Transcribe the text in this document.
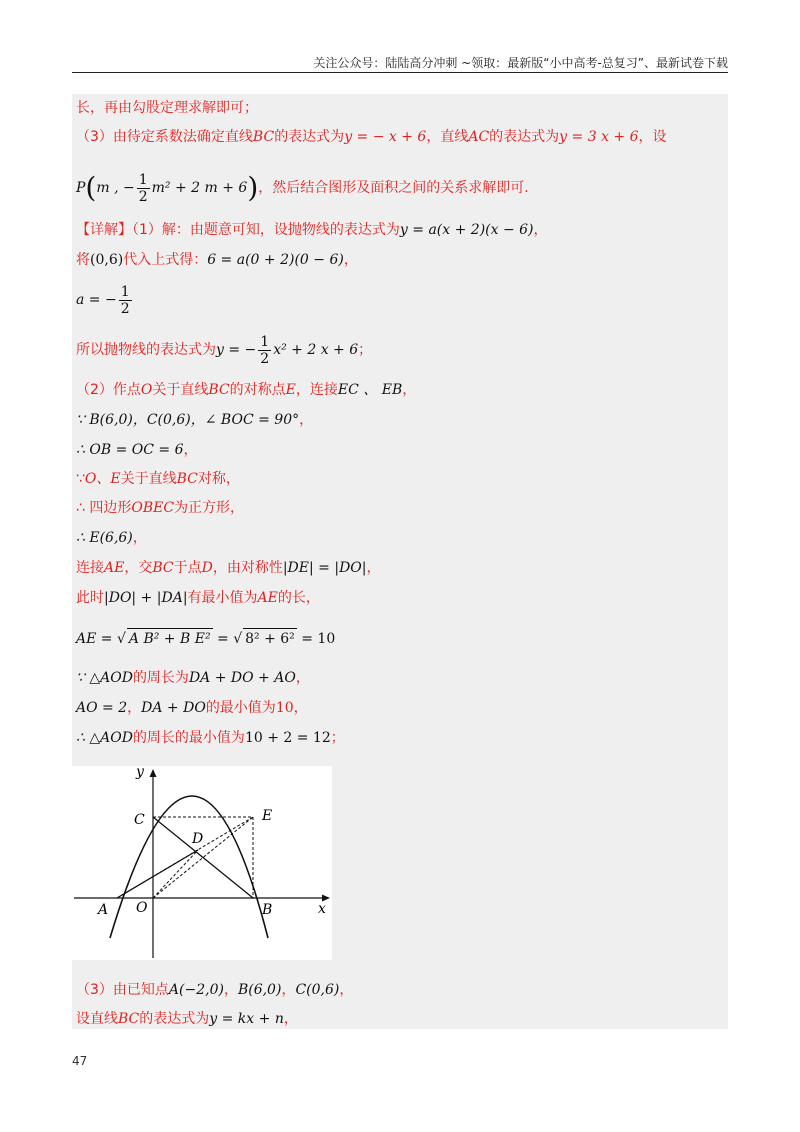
关注公众号：陆陆高分冲刺 ~领取：最新版“小中高考-总复习”、最新试卷下载
长，再由勾股定理求解即可；
（3）由待定系数法确定直线BC的表达式为y = − x + 6，直线AC的表达式为y = 3 x + 6，设
P(m , − $\frac{1}{2} m^2 + 2$ m + 6)，然后结合图形及面积之间的关系求解即可.
【详解】（1）解：由题意可知，设抛物线的表达式为y = a(x + 2)(x − 6)，
将(0,6)代入上式得：6 = a(0 + 2)(0 − 6)，
a = − $\frac{1}{2}$
所以抛物线的表达式为y = − $\frac{1}{2} x^2 + 2$ x + 6；
（2）作点O关于直线BC的对称点E，连接EC 、 EB，
∵ B(6,0)，C(0,6)，∠ BOC = 90°，
∴ OB = OC = 6，
∵O、E关于直线BC对称，
∴ 四边形OBEC为正方形，
∴ E(6,6)，
连接AE，交BC于点D，由对称性|DE| = |DO|，
此时|DO| + |DA|有最小值为AE的长，
AE = √ A B² + B E² = √ 8² + 6² = 10
∵ △AOD的周长为DA + DO + AO，
AO = 2，DA + DO的最小值为10，
∴ △AOD的周长的最小值为10 + 2 = 12；
y
x
C	E
D
A O	B
（3）由已知点A(−2,0)，B(6,0)，C(0,6)，
设直线BC的表达式为y = kx + n，
47
